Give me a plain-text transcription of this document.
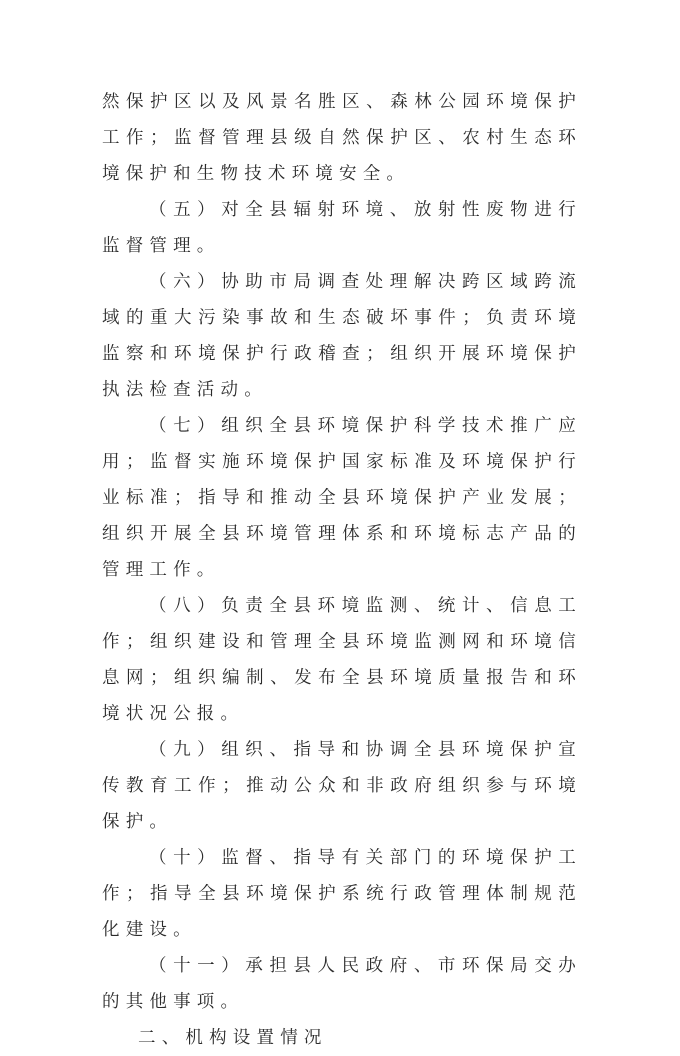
然保护区以及风景名胜区、森林公园环境保护工作；监督管理县级自然保护区、农村生态环境保护和生物技术环境安全。

（五）对全县辐射环境、放射性废物进行监督管理。

（六）协助市局调查处理解决跨区域跨流域的重大污染事故和生态破坏事件；负责环境监察和环境保护行政稽查；组织开展环境保护执法检查活动。

（七）组织全县环境保护科学技术推广应用；监督实施环境保护国家标准及环境保护行业标准；指导和推动全县环境保护产业发展；组织开展全县环境管理体系和环境标志产品的管理工作。

（八）负责全县环境监测、统计、信息工作；组织建设和管理全县环境监测网和环境信息网；组织编制、发布全县环境质量报告和环境状况公报。

（九）组织、指导和协调全县环境保护宣传教育工作；推动公众和非政府组织参与环境保护。

（十）监督、指导有关部门的环境保护工作；指导全县环境保护系统行政管理体制规范化建设。

（十一）承担县人民政府、市环保局交办的其他事项。

二、机构设置情况
